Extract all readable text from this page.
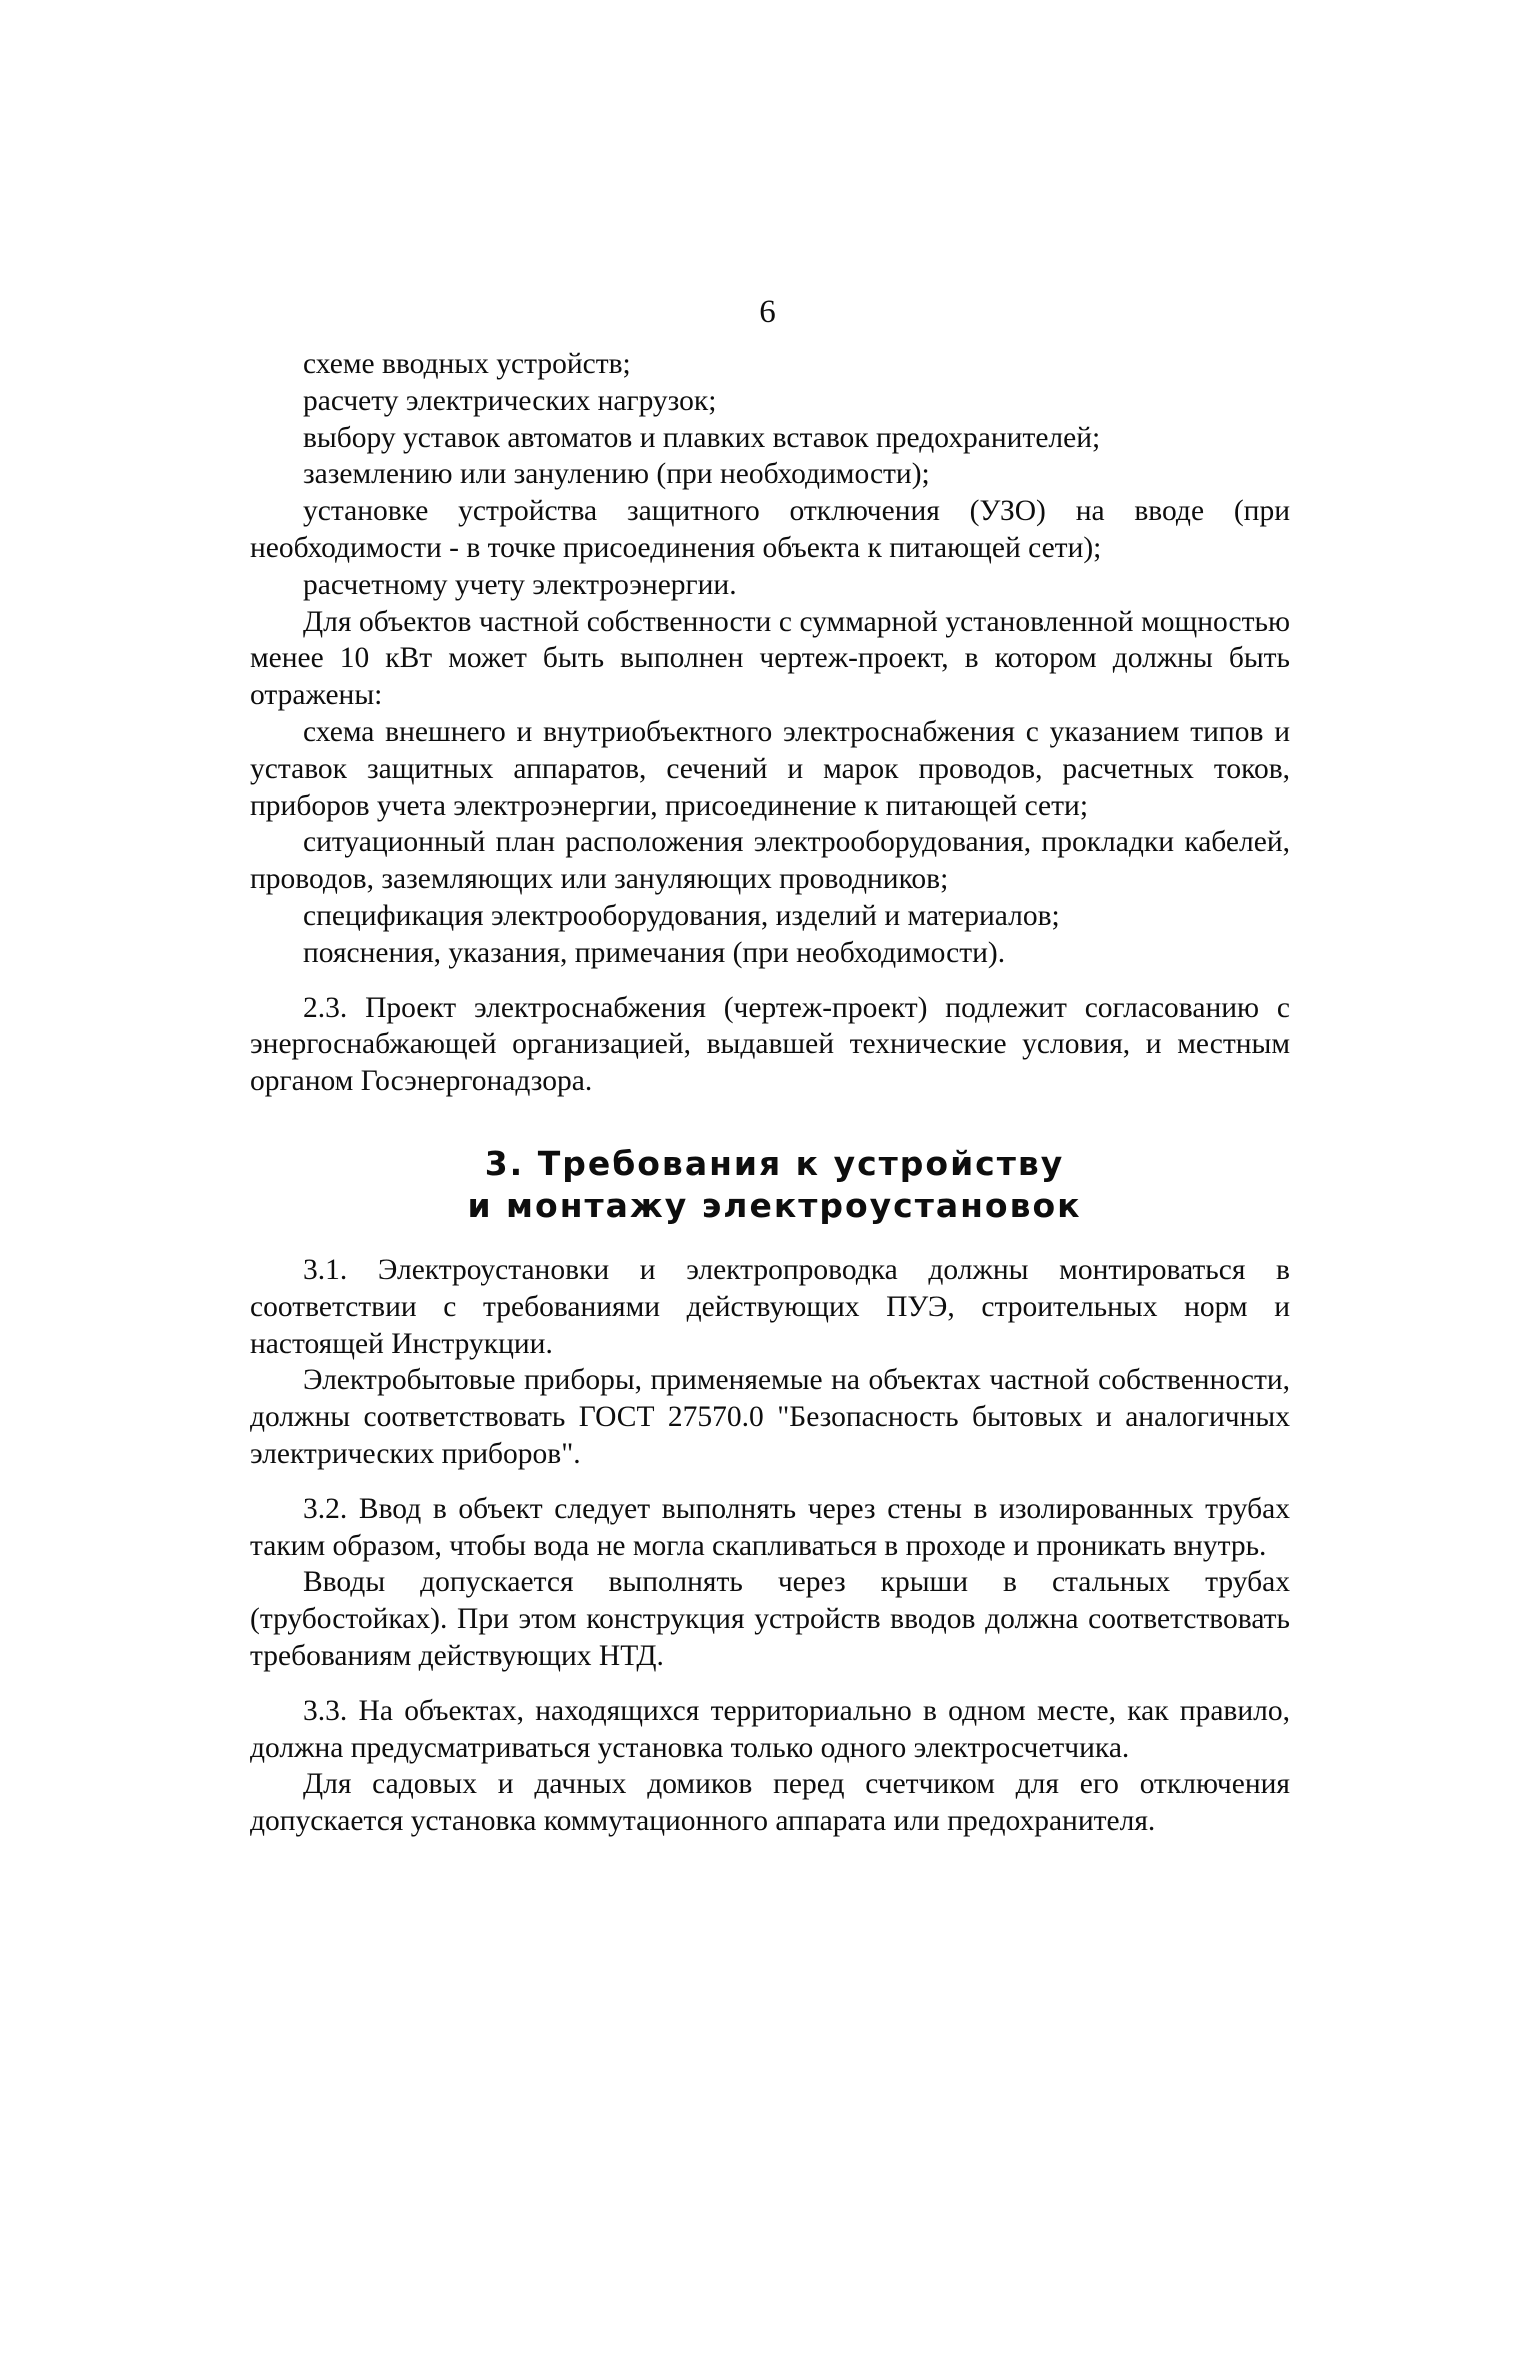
6

схеме вводных устройств;

расчету электрических нагрузок;

выбору уставок автоматов и плавких вставок предохранителей;

заземлению или занулению (при необходимости);

установке устройства защитного отключения (УЗО) на вводе (при необходимости - в точке присоединения объекта к питающей сети);

расчетному учету электроэнергии.

Для объектов частной собственности с суммарной установленной мощностью менее 10 кВт может быть выполнен чертеж-проект, в котором должны быть отражены:

схема внешнего и внутриобъектного электроснабжения с указанием типов и уставок защитных аппаратов, сечений и марок проводов, расчетных токов, приборов учета электроэнергии, присоединение к питающей сети;

ситуационный план расположения электрооборудования, прокладки кабелей, проводов, заземляющих или зануляющих проводников;

спецификация электрооборудования, изделий и материалов;

пояснения, указания, примечания (при необходимости).

2.3. Проект электроснабжения (чертеж-проект) подлежит согласованию с энергоснабжающей организацией, выдавшей технические условия, и местным органом Госэнергонадзора.

3. Требования к устройству
и монтажу электроустановок

3.1. Электроустановки и электропроводка должны монтироваться в соответствии с требованиями действующих ПУЭ, строительных норм и настоящей Инструкции.

Электробытовые приборы, применяемые на объектах частной собственности, должны соответствовать ГОСТ 27570.0 "Безопасность бытовых и аналогичных электрических приборов".

3.2. Ввод в объект следует выполнять через стены в изолированных трубах таким образом, чтобы вода не могла скапливаться в проходе и проникать внутрь.

Вводы допускается выполнять через крыши в стальных трубах (трубостойках). При этом конструкция устройств вводов должна соответствовать требованиям действующих НТД.

3.3. На объектах, находящихся территориально в одном месте, как правило, должна предусматриваться установка только одного электросчетчика.

Для садовых и дачных домиков перед счетчиком для его отключения допускается установка коммутационного аппарата или предохранителя.
